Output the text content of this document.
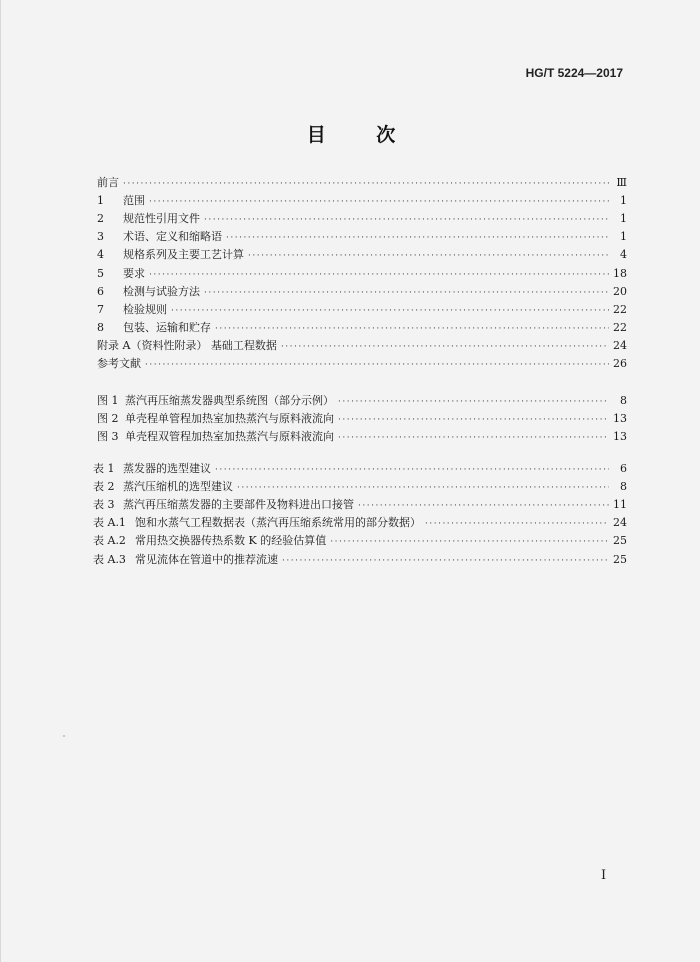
HG/T 5224—2017
目 次
前言 ·····	Ⅲ
1 范围 ·····	1
2 规范性引用文件 ·····	1
3 术语、定义和缩略语 ·····	1
4 规格系列及主要工艺计算 ·····	4
5 要求 ·····	18
6 检测与试验方法 ·····	20
7 检验规则 ·····	22
8 包装、运输和贮存 ·····	22
附录 A（资料性附录） 基础工程数据 ·····	24
参考文献 ·····	26
图 1 蒸汽再压缩蒸发器典型系统图（部分示例） ·····	8
图 2 单壳程单管程加热室加热蒸汽与原料液流向 ·····	13
图 3 单壳程双管程加热室加热蒸汽与原料液流向 ·····	13
表 1 蒸发器的选型建议 ·····	6
表 2 蒸汽压缩机的选型建议 ·····	8
表 3 蒸汽再压缩蒸发器的主要部件及物料进出口接管 ·····	11
表 A.1 饱和水蒸气工程数据表（蒸汽再压缩系统常用的部分数据） ·····	24
表 A.2 常用热交换器传热系数 K 的经验估算值 ·····	25
表 A.3 常见流体在管道中的推荐流速 ·····	25
I
